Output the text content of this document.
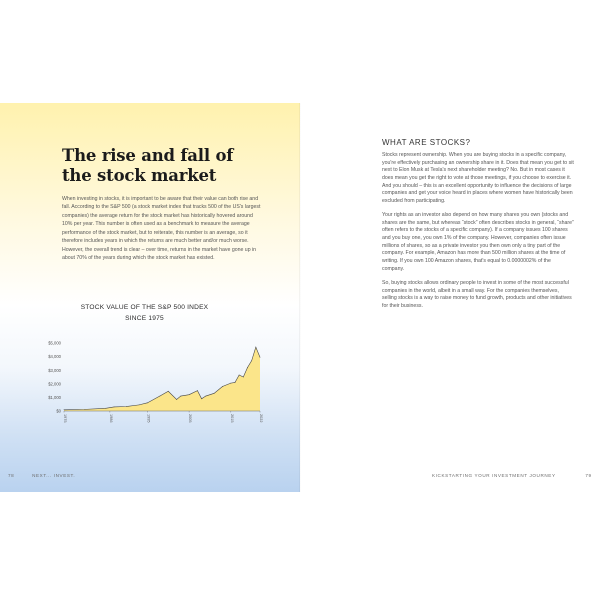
The rise and fall of
the stock market
When investing in stocks, it is important to be aware that their value can both rise and fall. According to the S&P 500 (a stock market index that tracks 500 of the US's largest companies) the average return for the stock market has historically hovered around 10% per year. This number is often used as a benchmark to measure the average performance of the stock market, but to reiterate, this number is an average, so it therefore includes years in which the returns are much better and/or much worse. However, the overall trend is clear – over time, returns in the market have gone up in about 70% of the years during which the stock market has existed.
STOCK VALUE OF THE S&P 500 INDEX
SINCE 1975
$0
$1,000
$2,000
$3,000
$4,000
$5,000
1975	1986	1995	2005	2015	2022
78	NEXT... INVEST.
WHAT ARE STOCKS?

Stocks represent ownership. When you are buying stocks in a specific company, you're effectively purchasing an ownership share in it. Does that mean you get to sit next to Elon Musk at Tesla's next shareholder meeting? No. But in most cases it does mean you get the right to vote at those meetings, if you choose to exercise it. And you should – this is an excellent opportunity to influence the decisions of large companies and get your voice heard in places where women have historically been excluded from participating.

Your rights as an investor also depend on how many shares you own (stocks and shares are the same, but whereas “stock” often describes stocks in general, “share” often refers to the stocks of a specific company). If a company issues 100 shares and you buy one, you own 1% of the company. However, companies often issue millions of shares, so as a private investor you then own only a tiny part of the company. For example, Amazon has more than 500 million shares at the time of writing. If you own 100 Amazon shares, that's equal to 0.0000002% of the company.

So, buying stocks allows ordinary people to invest in some of the most successful companies in the world, albeit in a small way. For the companies themselves, selling stocks is a way to raise money to fund growth, products and other initiatives for their business.

KICKSTARTING YOUR INVESTMENT JOURNEY	79
